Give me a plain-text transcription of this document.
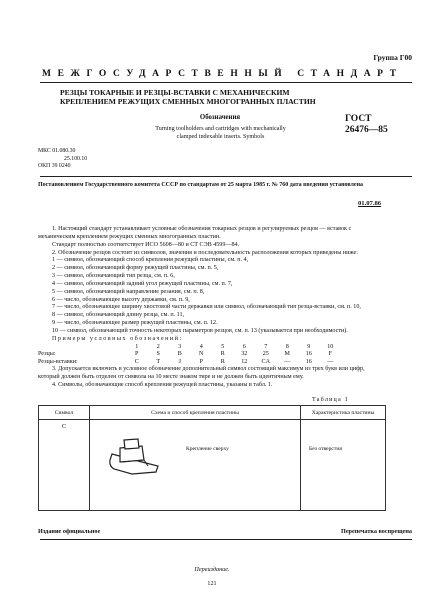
Группа Г00
МЕЖГОСУДАРСТВЕННЫЙ СТАНДАРТ
РЕЗЦЫ ТОКАРНЫЕ И РЕЗЦЫ-ВСТАВКИ С МЕХАНИЧЕСКИМ КРЕПЛЕНИЕМ РЕЖУЩИХ СМЕННЫХ МНОГОГРАННЫХ ПЛАСТИН
ГОСТ
26476—85
Обозначения
Turning toolholders and cartridges with mechanically
clamped indexable inserts. Symbols
МКС 01.080.30
25.100.10
ОКП 39 0240
Постановлением Государственного комитета СССР по стандартам от 25 марта 1985 г. № 760 дата введения установлена
01.07.86

1. Настоящий стандарт устанавливает условные обозначения токарных резцов и регулируемых резцов — вставок с механическим креплением режущих сменных многогранных пластин.

Стандарт полностью соответствует ИСО 5608—80 и СТ СЭВ 4599—84.

2. Обозначение резцов состоит из символов, значения и последовательность расположения которых приведены ниже:

1 — символ, обозначающий способ крепления режущей пластины, см. п. 4,

2 — символ, обозначающий форму режущей пластины, см. п. 5,

3 — символ, обозначающий тип резца, см. п. 6,

4 — символ, обозначающий задний угол режущей пластины, см. п. 7,

5 — символ, обозначающий направление резания, см. п. 8,

6 — число, обозначающее высоту державки, см. п. 9,

7 — число, обозначающее ширину хвостовой части державки или символ, обозначающий тип резца-вставки, см. п. 10,

8 — символ, обозначающий длину резца, см. п. 11,

9 — число, обозначающее размер режущей пластины, см. п. 12.

10 — символ, обозначающий точность некоторых параметров резцов, см. п. 13 (указывается при необходимости).

Примеры условных обозначений:

	1	2	3	4	5	6	7	8	9	10
Резцы:	P	S	B	N	R	32	25	M	16	F
Резцы-вставки:	C	T	J	P	R	12	CA	—	16	—

3. Допускается включить в условное обозначение дополнительный символ состоящий максимум из трех букв или цифр, который должен быть отделен от символа на 10 месте знаком тире и не должен быть идентичным ему.

4. Символы, обозначающие способ крепления режущей пластины, указаны в табл. 1.

Таблица 1
Символ	Схема и способ крепления пластины	Характеристика пластины
C	Крепление сверху	Без отверстия
Издание официальное	Перепечатка воспрещена
Переиздание.
121
